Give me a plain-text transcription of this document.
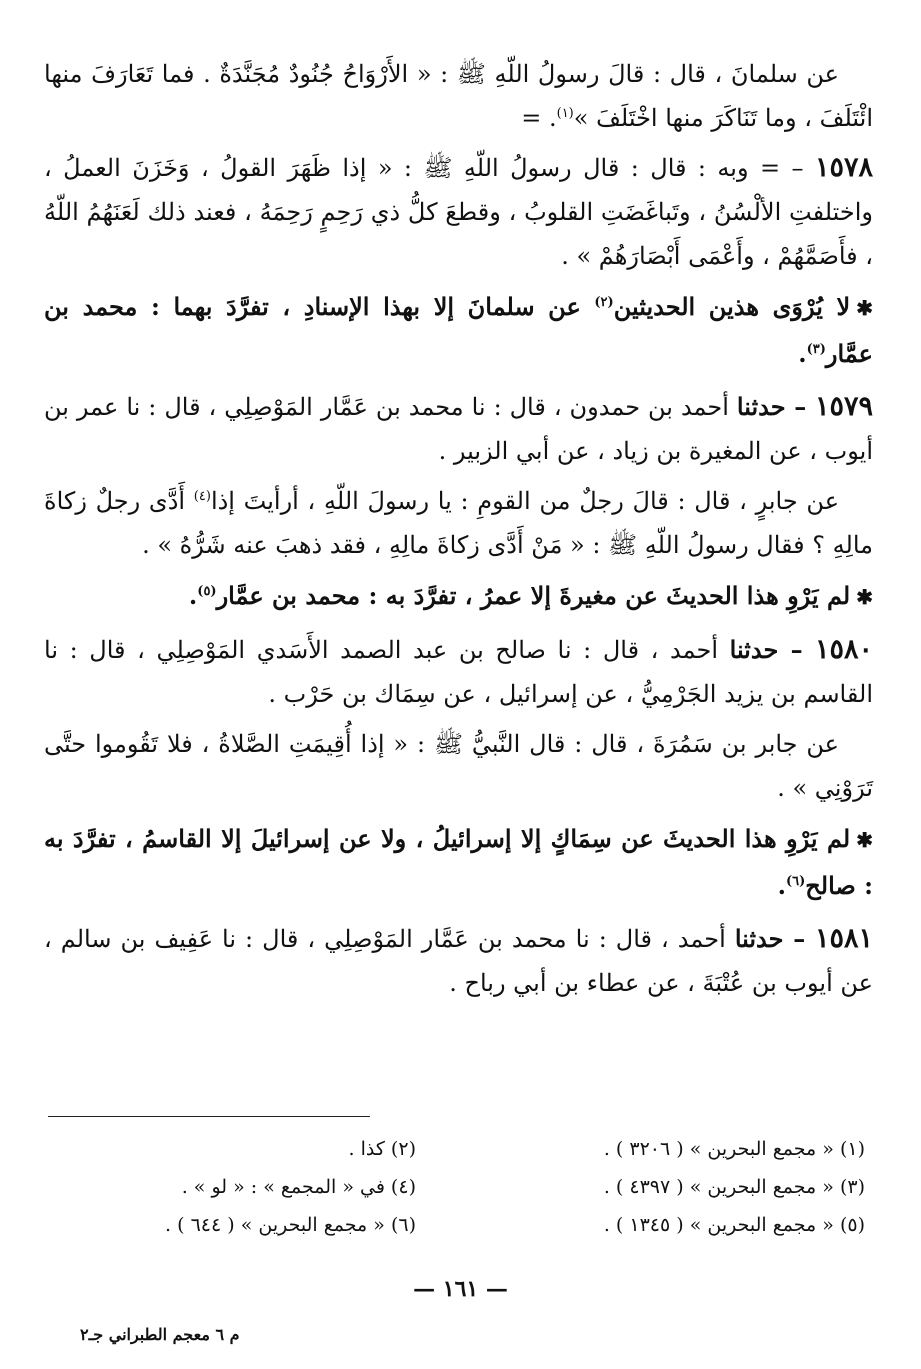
عن سلمانَ ، قال : قالَ رسولُ اللّهِ ﷺ : « الأَرْوَاحُ جُنُودٌ مُجَنَّدَةٌ . فما تَعَارَفَ منها ائْتَلَفَ ، وما تَنَاكَرَ منها اخْتَلَفَ »$^{(١)}$. =

١٥٧٨ – = وبه : قال : قال رسولُ اللّهِ ﷺ : « إذا ظَهَرَ القولُ ، وَخَزَنَ العملُ ، واختلفتِ الألْسُنُ ، وتَباغَضَتِ القلوبُ ، وقطعَ كلُّ ذي رَحِمٍ رَحِمَهُ ، فعند ذلك لَعَنَهُمُ اللّهُ ، فأَصَمَّهُمْ ، وأَعْمَى أَبْصَارَهُمْ » .

✱لا يُرْوَى هذين الحديثين$^{(٢)}$ عن سلمانَ إلا بهذا الإسنادِ ، تفرَّدَ بهما : محمد بن عمَّار$^{(٣)}$.

١٥٧٩ – حدثنا أحمد بن حمدون ، قال : نا محمد بن عَمَّار المَوْصِلِي ، قال : نا عمر بن أيوب ، عن المغيرة بن زياد ، عن أبي الزبير .

عن جابرٍ ، قال : قالَ رجلٌ من القومِ : يا رسولَ اللّهِ ، أرأيتَ إذا$^{(٤)}$ أَدَّى رجلٌ زكاةَ مالِهِ ؟ فقال رسولُ اللّهِ ﷺ : « مَنْ أَدَّى زكاةَ مالِهِ ، فقد ذهبَ عنه شَرُّهُ » .

✱لم يَرْوِ هذا الحديثَ عن مغيرةَ إلا عمرُ ، تفرَّدَ به : محمد بن عمَّار$^{(٥)}$.

١٥٨٠ – حدثنا أحمد ، قال : نا صالح بن عبد الصمد الأَسَدي المَوْصِلِي ، قال : نا القاسم بن يزيد الجَرْمِيُّ ، عن إسرائيل ، عن سِمَاك بن حَرْب .

عن جابر بن سَمُرَةَ ، قال : قال النَّبيُّ ﷺ : « إذا أُقِيمَتِ الصَّلاةُ ، فلا تَقُوموا حتَّى تَرَوْنِي » .

✱لم يَرْوِ هذا الحديثَ عن سِمَاكٍ إلا إسرائيلُ ، ولا عن إسرائيلَ إلا القاسمُ ، تفرَّدَ به : صالح$^{(٦)}$.

١٥٨١ – حدثنا أحمد ، قال : نا محمد بن عَمَّار المَوْصِلِي ، قال : نا عَفِيف بن سالم ، عن أيوب بن عُتْبَةَ ، عن عطاء بن أبي رباح .

(١) « مجمع البحرين » ( ٣٢٠٦ ) .
(٢) كذا .
(٣) « مجمع البحرين » ( ٤٣٩٧ ) .
(٤) في « المجمع » : « لو » .
(٥) « مجمع البحرين » ( ١٣٤٥ ) .
(٦) « مجمع البحرين » ( ٦٤٤ ) .
— ١٦١ —
م ٦ معجم الطبراني جـ٢
